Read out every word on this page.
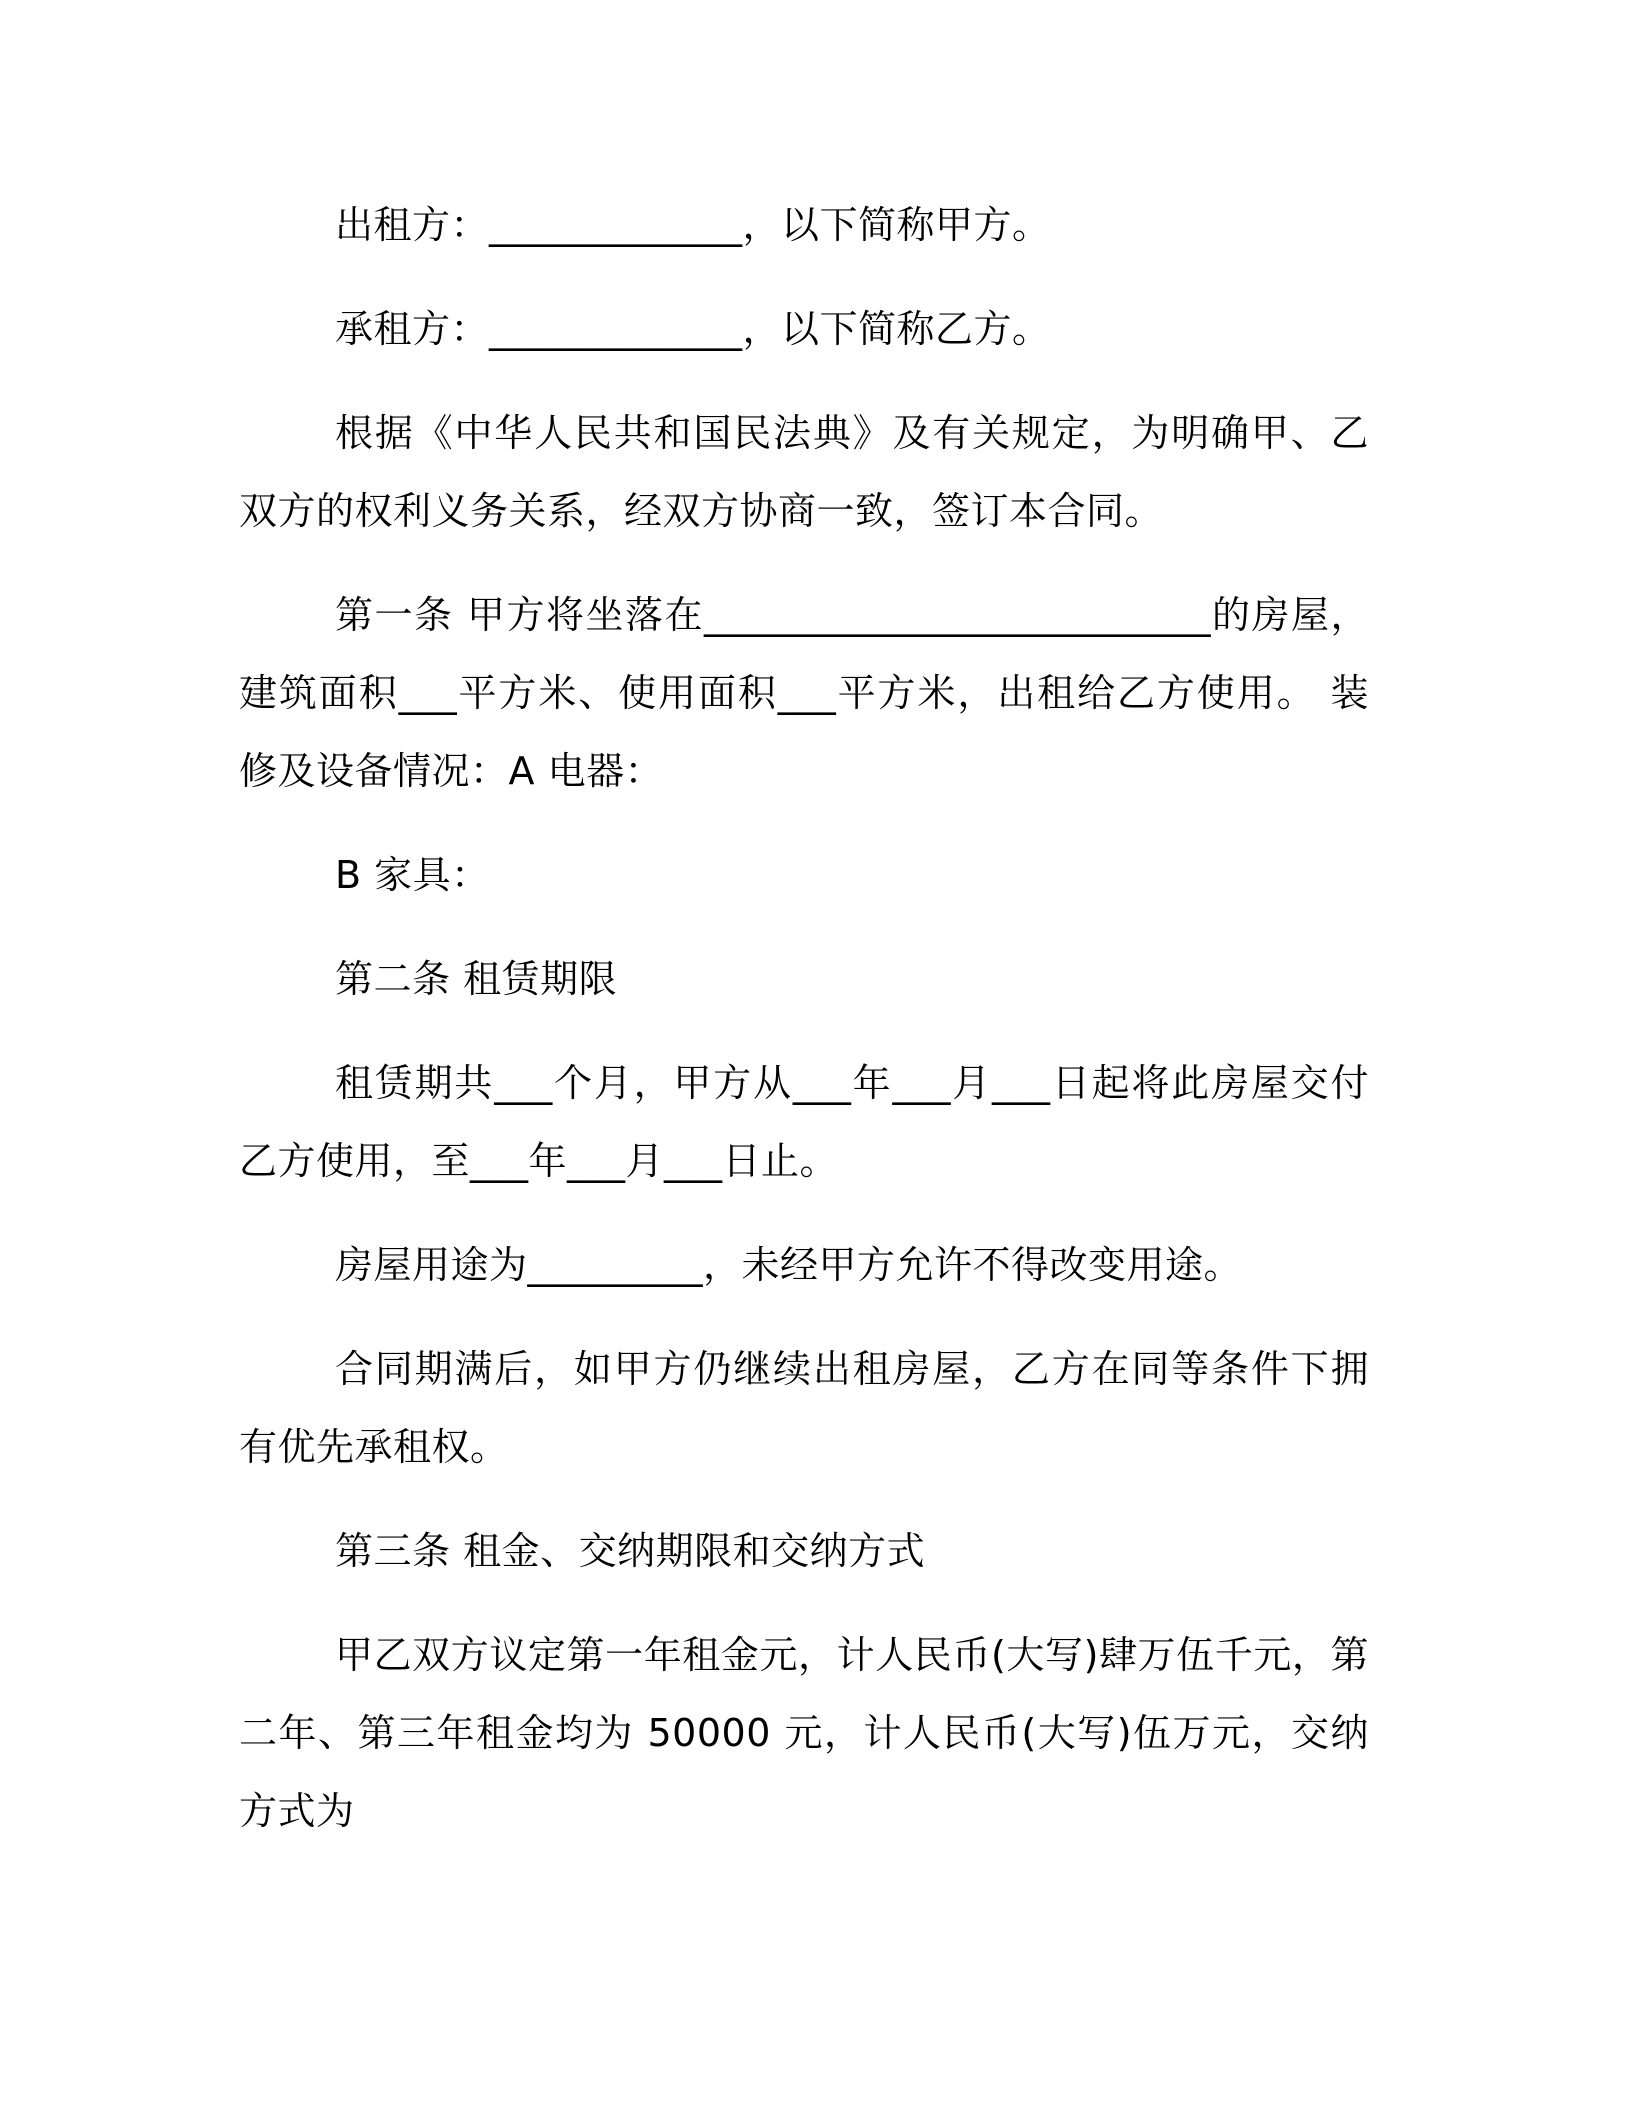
出租方：_____________，以下简称甲方。

承租方：_____________，以下简称乙方。

根据《中华人民共和国民法典》及有关规定，为明确甲、乙双方的权利义务关系，经双方协商一致，签订本合同。

第一条 甲方将坐落在__________________________的房屋，建筑面积___平方米、使用面积___平方米，出租给乙方使用。 装修及设备情况：A 电器：

B 家具：

第二条 租赁期限

租赁期共___个月，甲方从___年___月___日起将此房屋交付乙方使用，至___年___月___日止。

房屋用途为_________，未经甲方允许不得改变用途。

合同期满后，如甲方仍继续出租房屋，乙方在同等条件下拥有优先承租权。

第三条 租金、交纳期限和交纳方式

甲乙双方议定第一年租金元，计人民币(大写)肆万伍千元，第二年、第三年租金均为 50000 元，计人民币(大写)伍万元，交纳方式为
